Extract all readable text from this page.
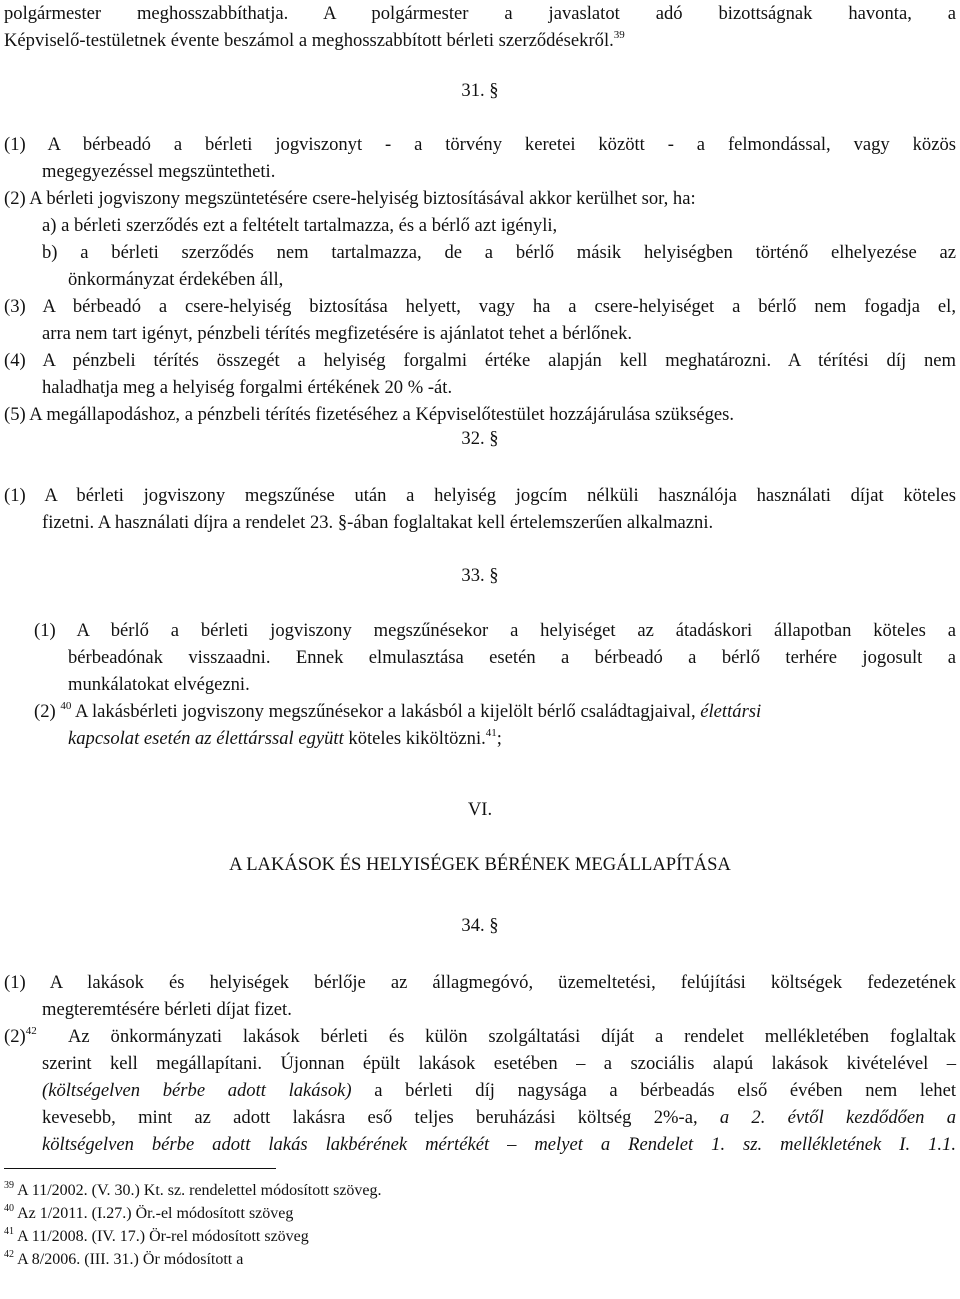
polgármester meghosszabbíthatja. A polgármester a javaslatot adó bizottságnak havonta, a
Képviselő-testületnek évente beszámol a meghosszabbított bérleti szerződésekről.$^{39}$
31. §
(1) A bérbeadó a bérleti jogviszonyt - a törvény keretei között - a felmondással, vagy közös
megegyezéssel megszüntetheti.
(2) A bérleti jogviszony megszüntetésére csere-helyiség biztosításával akkor kerülhet sor, ha:
a) a bérleti szerződés ezt a feltételt tartalmazza, és a bérlő azt igényli,
b) a bérleti szerződés nem tartalmazza, de a bérlő másik helyiségben történő elhelyezése az
önkormányzat érdekében áll,
(3) A bérbeadó a csere-helyiség biztosítása helyett, vagy ha a csere-helyiséget a bérlő nem fogadja el,
arra nem tart igényt, pénzbeli térítés megfizetésére is ajánlatot tehet a bérlőnek.
(4) A pénzbeli térítés összegét a helyiség forgalmi értéke alapján kell meghatározni. A térítési díj nem
haladhatja meg a helyiség forgalmi értékének 20 % -át.
(5) A megállapodáshoz, a pénzbeli térítés fizetéséhez a Képviselőtestület hozzájárulása szükséges.
32. §
(1) A bérleti jogviszony megszűnése után a helyiség jogcím nélküli használója használati díjat köteles
fizetni. A használati díjra a rendelet 23. §-ában foglaltakat kell értelemszerűen alkalmazni.
33. §
(1) A bérlő a bérleti jogviszony megszűnésekor a helyiséget az átadáskori állapotban köteles a
bérbeadónak visszaadni. Ennek elmulasztása esetén a bérbeadó a bérlő terhére jogosult a
munkálatokat elvégezni.
(2) $^{40}$ A lakásbérleti jogviszony megszűnésekor a lakásból a kijelölt bérlő családtagjaival, élettársi
kapcsolat esetén az élettárssal együtt köteles kiköltözni.$^{41}$;
VI.
A LAKÁSOK ÉS HELYISÉGEK BÉRÉNEK MEGÁLLAPÍTÁSA
34. §
(1) A lakások és helyiségek bérlője az állagmegóvó, üzemeltetési, felújítási költségek fedezetének
megteremtésére bérleti díjat fizet.
$(2)^{42}$ Az önkormányzati lakások bérleti és külön szolgáltatási díját a rendelet mellékletében foglaltak
szerint kell megállapítani. Újonnan épült lakások esetében – a szociális alapú lakások kivételével –
(költségelven bérbe adott lakások) a bérleti díj nagysága a bérbeadás első évében nem lehet
kevesebb, mint az adott lakásra eső teljes beruházási költség 2%-a, a 2. évtől kezdődően a
költségelven bérbe adott lakás lakbérének mértékét – melyet a Rendelet 1. sz. mellékletének I. 1.1.
$^{39}$ A 11/2002. (V. 30.) Kt. sz. rendelettel módosított szöveg.
$^{40}$ Az 1/2011. (I.27.) Ör.-el módosított szöveg
$^{41}$ A 11/2008. (IV. 17.) Ör-rel módosított szöveg
$^{42}$ A 8/2006. (III. 31.) Ör módosított a
